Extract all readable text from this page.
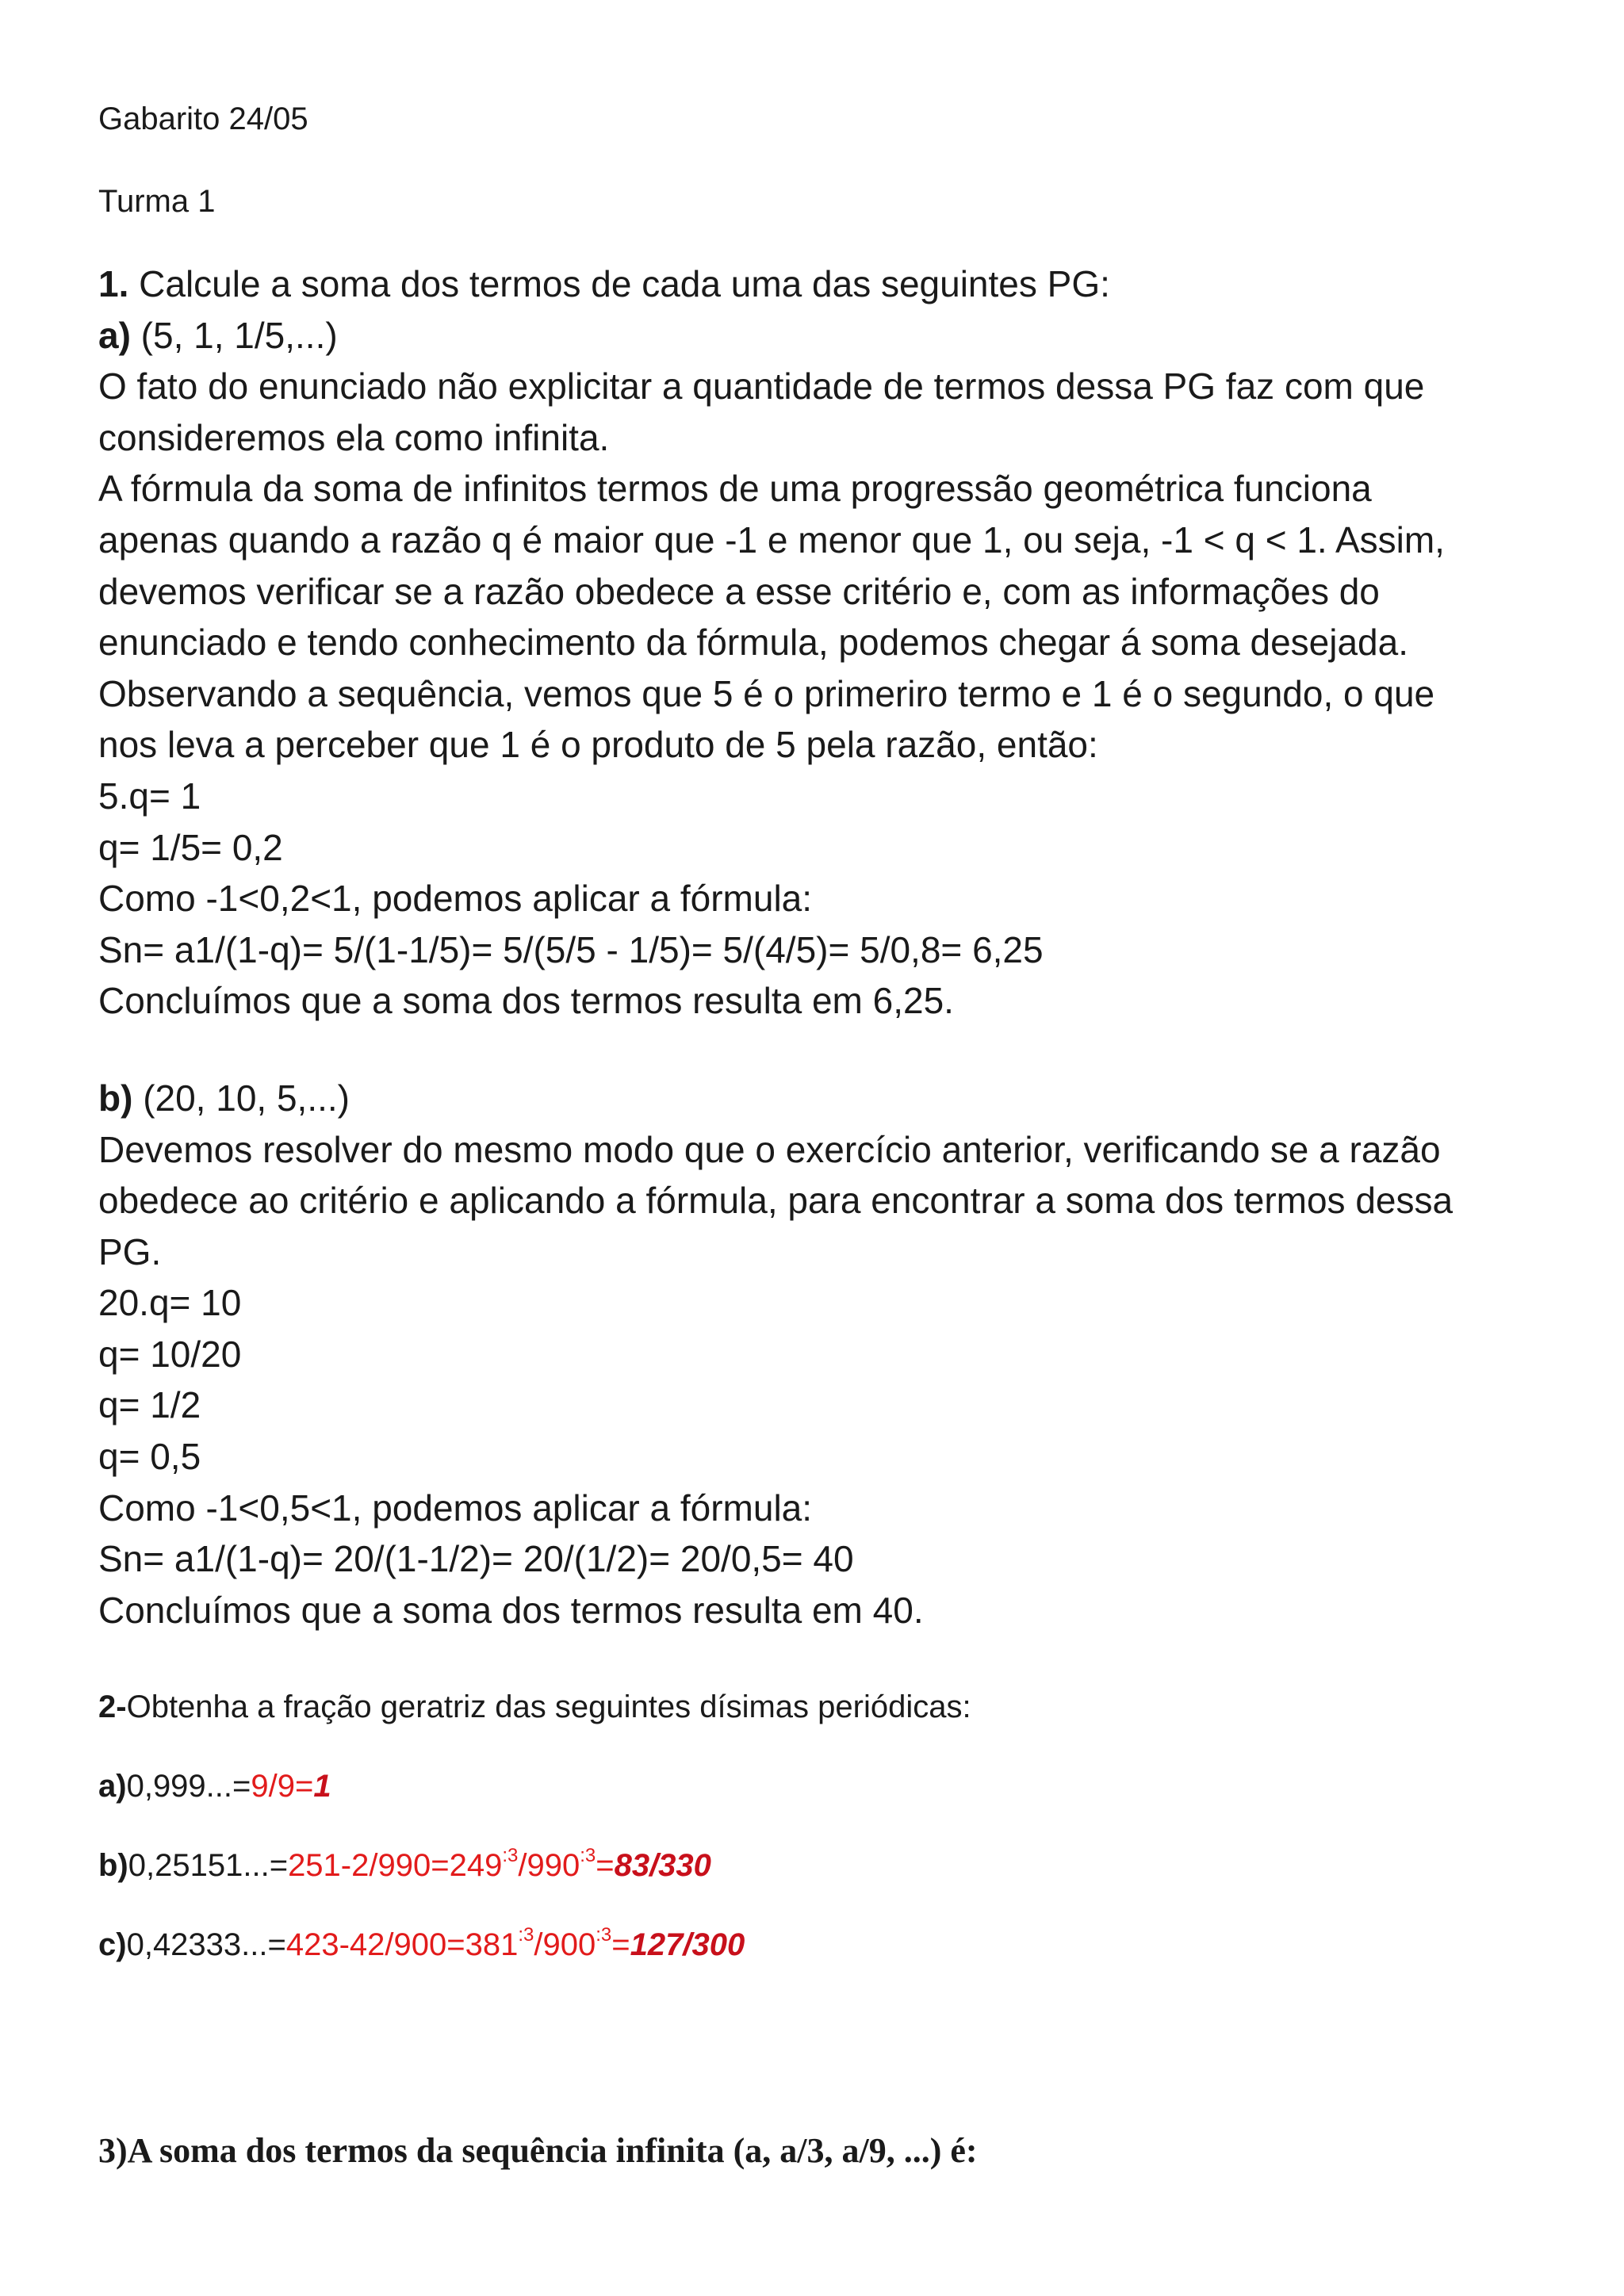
Gabarito 24/05
Turma 1
1. Calcule a soma dos termos de cada uma das seguintes PG:
a) (5, 1, 1/5,...)
O fato do enunciado não explicitar a quantidade de termos dessa PG faz com que
consideremos ela como infinita.
A fórmula da soma de infinitos termos de uma progressão geométrica funciona
apenas quando a razão q é maior que -1 e menor que 1, ou seja, -1 < q < 1. Assim,
devemos verificar se a razão obedece a esse critério e, com as informações do
enunciado e tendo conhecimento da fórmula, podemos chegar á soma desejada.
Observando a sequência, vemos que 5 é o primeriro termo e 1 é o segundo, o que
nos leva a perceber que 1 é o produto de 5 pela razão, então:
5.q= 1
q= 1/5= 0,2
Como -1<0,2<1, podemos aplicar a fórmula:
Sn= a1/(1-q)= 5/(1-1/5)= 5/(5/5 - 1/5)= 5/(4/5)= 5/0,8= 6,25
Concluímos que a soma dos termos resulta em 6,25.
b) (20, 10, 5,...)
Devemos resolver do mesmo modo que o exercício anterior, verificando se a razão
obedece ao critério e aplicando a fórmula, para encontrar a soma dos termos dessa
PG.
20.q= 10
q= 10/20
q= 1/2
q= 0,5
Como -1<0,5<1, podemos aplicar a fórmula:
Sn= a1/(1-q)= 20/(1-1/2)= 20/(1/2)= 20/0,5= 40
Concluímos que a soma dos termos resulta em 40.
2-Obtenha a fração geratriz das seguintes dísimas periódicas:
a)0,999...=9/9=1
$b)0,25151...=251-2/990=249^{:3}/990^{:3}=83/330$
$c)0,42333...=423-42/900=381^{:3}/900^{:3}=127/300$
3)A soma dos termos da sequência infinita (a, a/3, a/9, ...) é:
